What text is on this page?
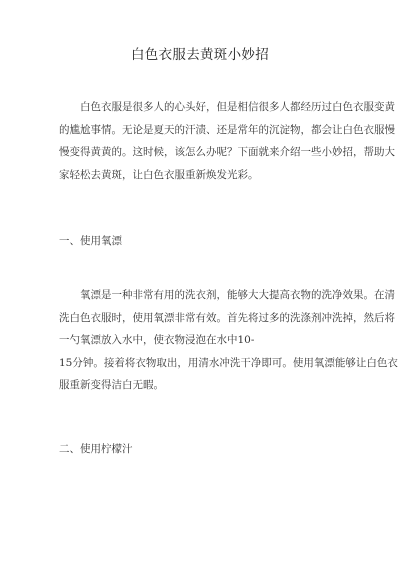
白色衣服去黄斑小妙招
　　白色衣服是很多人的心头好，但是相信很多人都经历过白色衣服变黄
的尴尬事情。无论是夏天的汗渍、还是常年的沉淀物，都会让白色衣服慢
慢变得黄黄的。这时候，该怎么办呢？下面就来介绍一些小妙招，帮助大
家轻松去黄斑，让白色衣服重新焕发光彩。
一、使用氧漂
　　氧漂是一种非常有用的洗衣剂，能够大大提高衣物的洗净效果。在清
洗白色衣服时，使用氧漂非常有效。首先将过多的洗涤剂冲洗掉，然后将
一勺氧漂放入水中，使衣物浸泡在水中10-
15分钟。接着将衣物取出，用清水冲洗干净即可。使用氧漂能够让白色衣
服重新变得洁白无暇。
二、使用柠檬汁
